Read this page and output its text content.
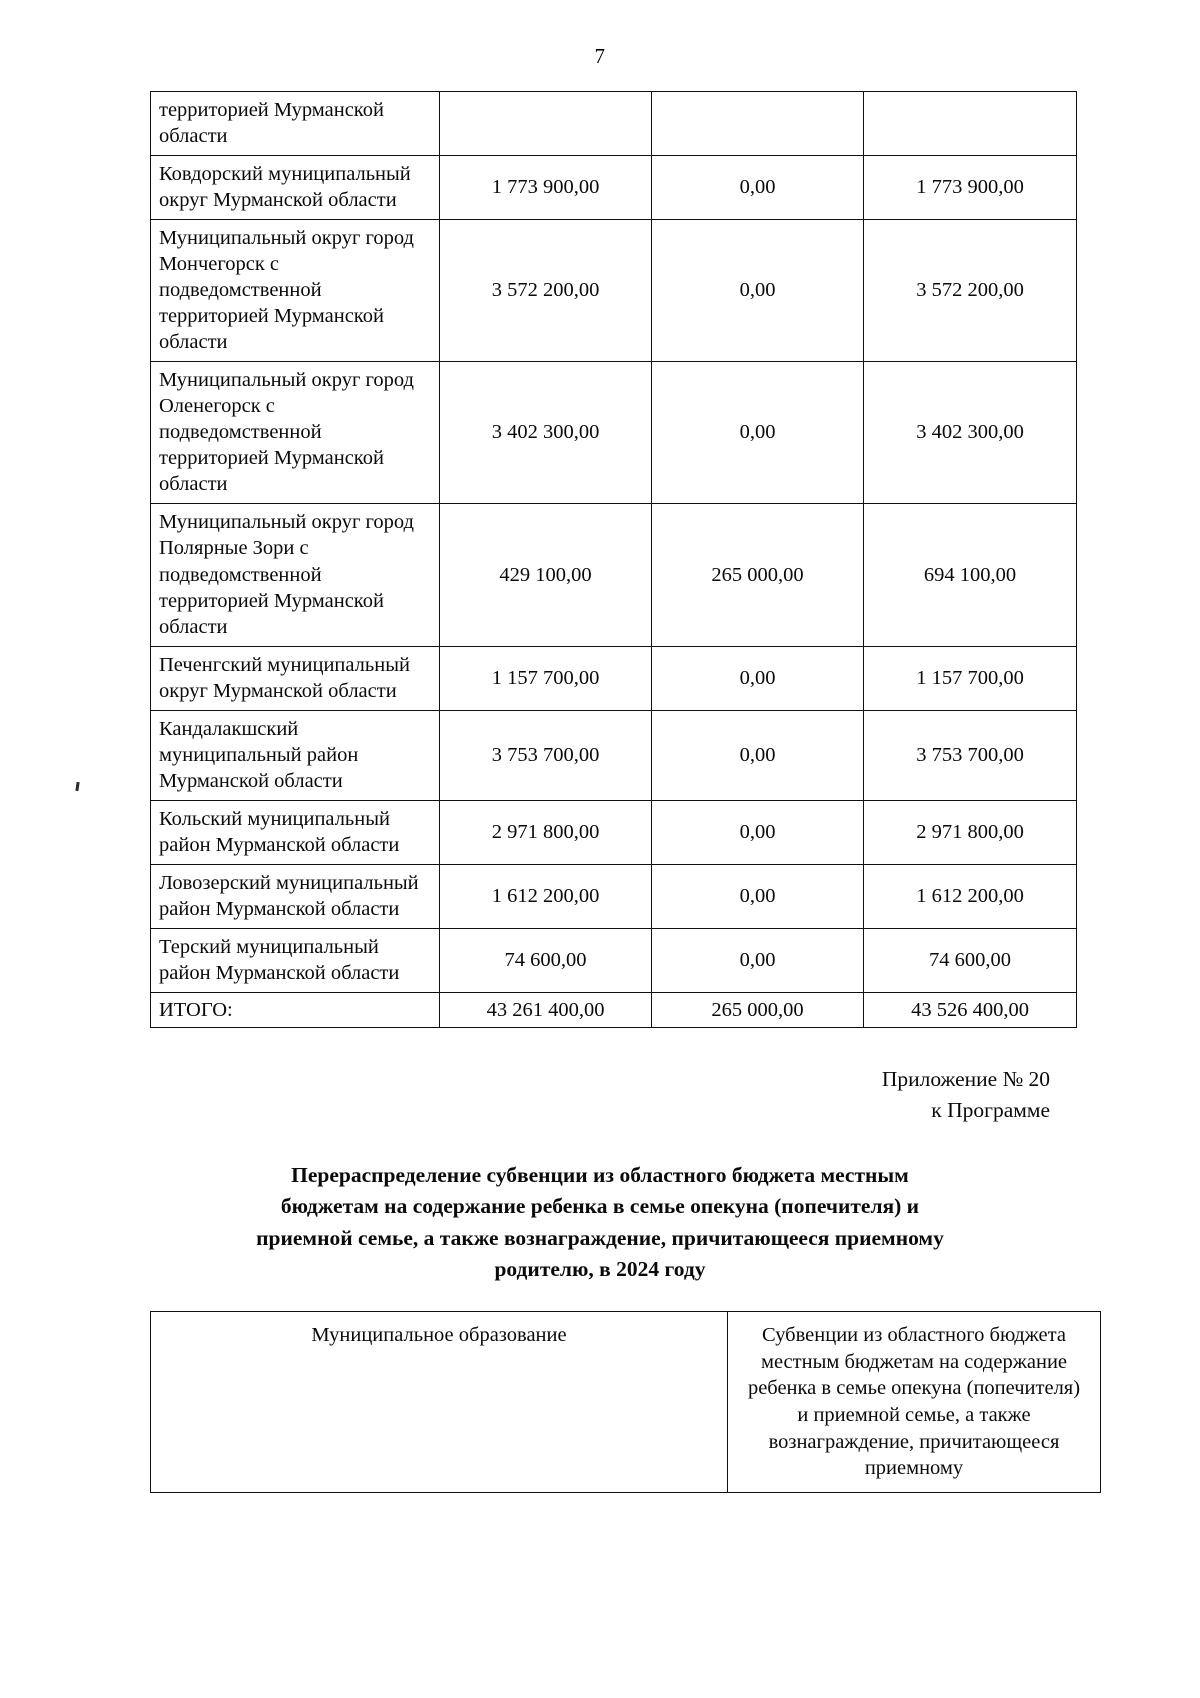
7
территорией Мурманской области			
Ковдорский муниципальный округ Мурманской области	1 773 900,00	0,00	1 773 900,00
Муниципальный округ город Мончегорск с подведомственной территорией Мурманской области	3 572 200,00	0,00	3 572 200,00
Муниципальный округ город Оленегорск с подведомственной территорией Мурманской области	3 402 300,00	0,00	3 402 300,00
Муниципальный округ город Полярные Зори с подведомственной территорией Мурманской области	429 100,00	265 000,00	694 100,00
Печенгский муниципальный округ Мурманской области	1 157 700,00	0,00	1 157 700,00
Кандалакшский муниципальный район Мурманской области	3 753 700,00	0,00	3 753 700,00
Кольский муниципальный район Мурманской области	2 971 800,00	0,00	2 971 800,00
Ловозерский муниципальный район Мурманской области	1 612 200,00	0,00	1 612 200,00
Терский муниципальный район Мурманской области	74 600,00	0,00	74 600,00
ИТОГО:	43 261 400,00	265 000,00	43 526 400,00
Приложение № 20
к Программе
Перераспределение субвенции из областного бюджета местным
бюджетам на содержание ребенка в семье опекуна (попечителя) и
приемной семье, а также вознаграждение, причитающееся приемному
родителю, в 2024 году
Муниципальное образование	Субвенции из областного бюджета местным бюджетам на содержание ребенка в семье опекуна (попечителя) и приемной семье, а также вознаграждение, причитающееся приемному
